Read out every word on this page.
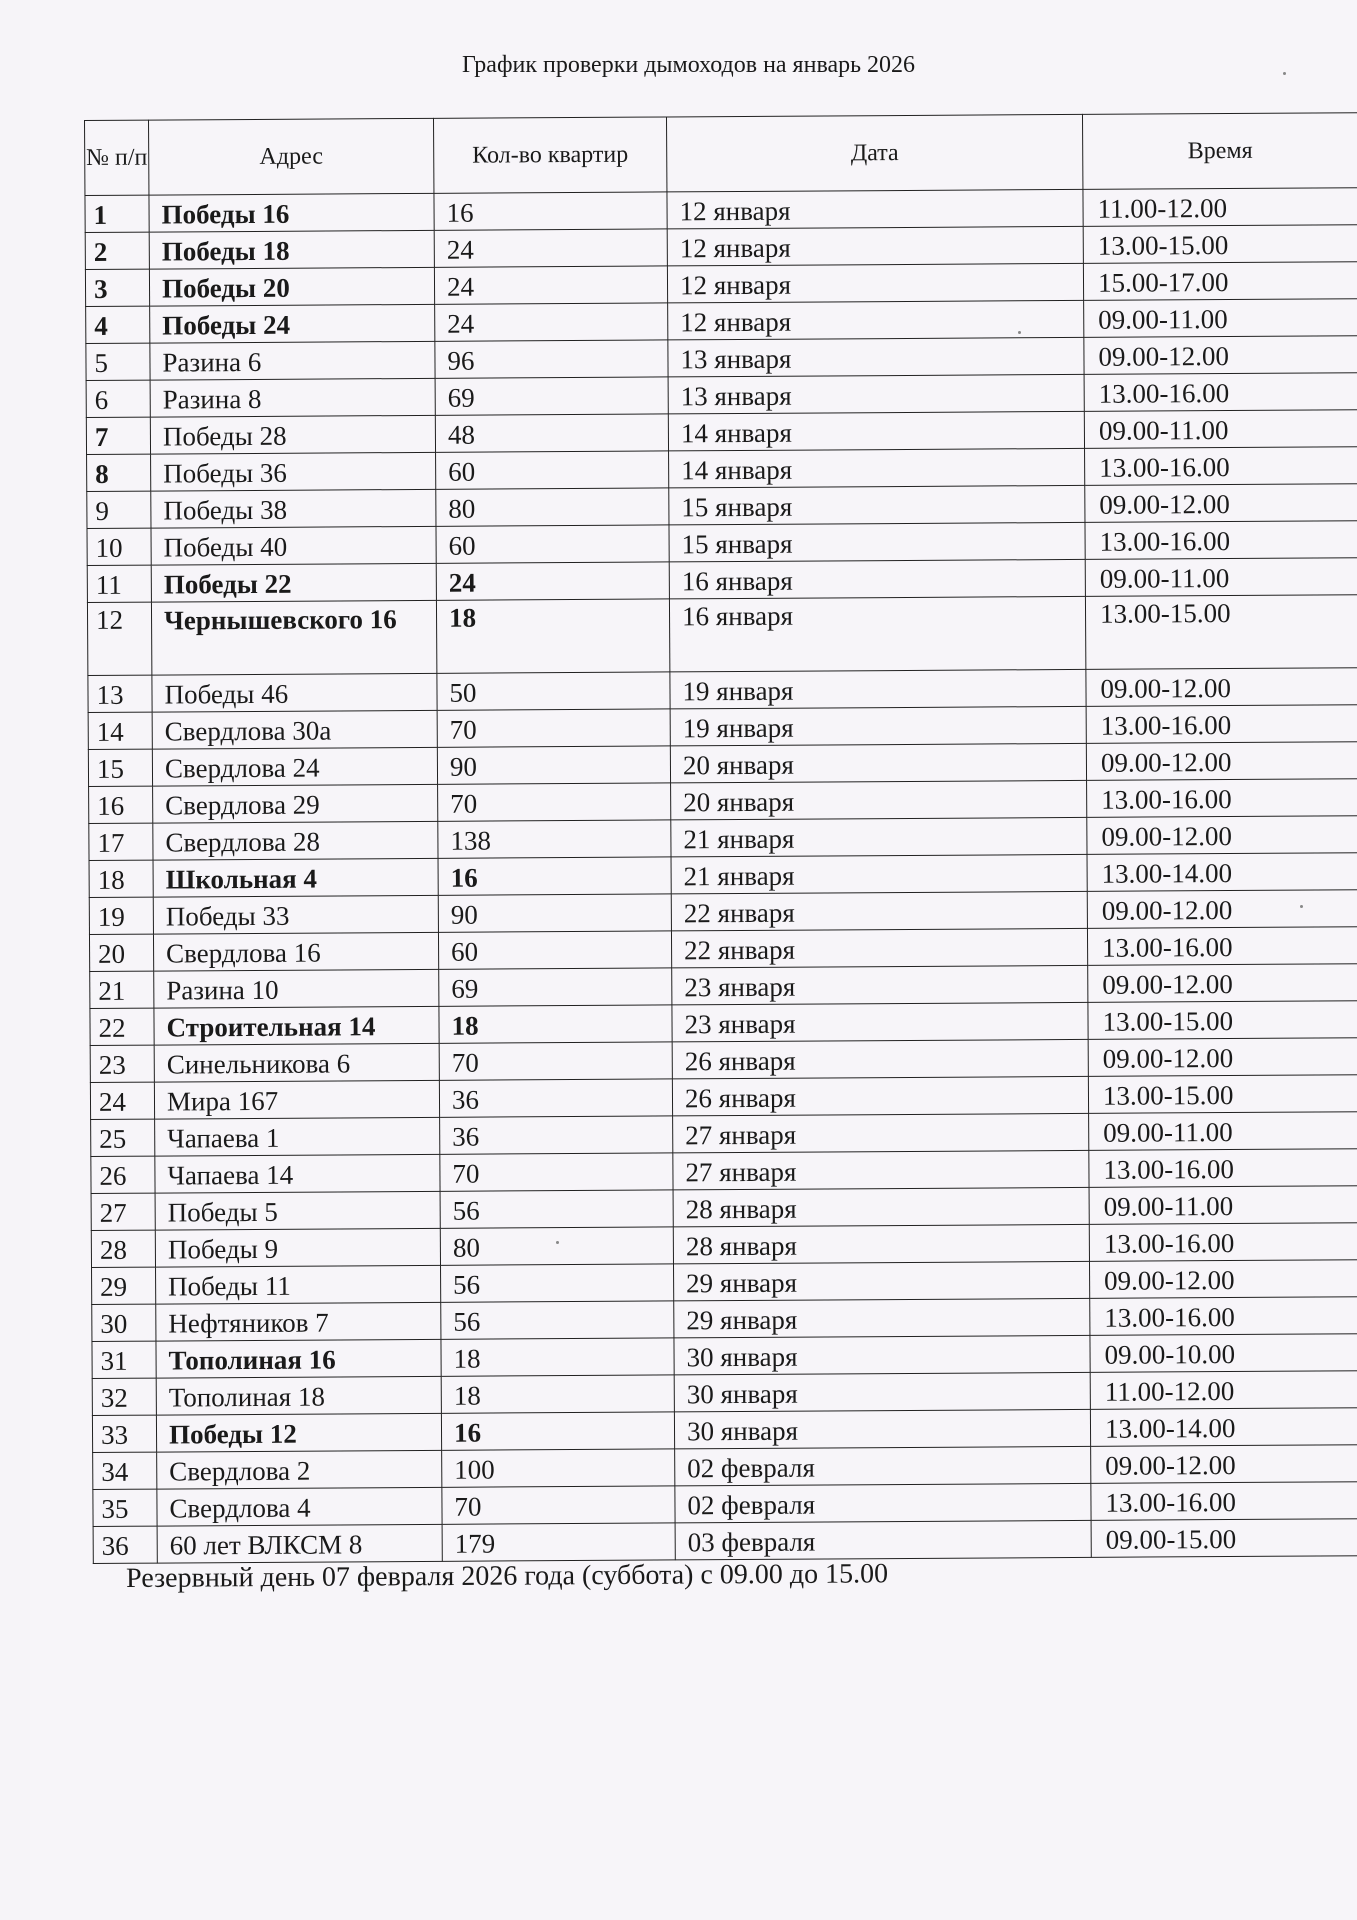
График проверки дымоходов на январь 2026
№ п/п	Адрес	Кол-во квартир	Дата	Время
1	Победы 16	16	12 января	11.00-12.00
2	Победы 18	24	12 января	13.00-15.00
3	Победы 20	24	12 января	15.00-17.00
4	Победы 24	24	12 января	09.00-11.00
5	Разина 6	96	13 января	09.00-12.00
6	Разина 8	69	13 января	13.00-16.00
7	Победы 28	48	14 января	09.00-11.00
8	Победы 36	60	14 января	13.00-16.00
9	Победы 38	80	15 января	09.00-12.00
10	Победы 40	60	15 января	13.00-16.00
11	Победы 22	24	16 января	09.00-11.00
12	Чернышевского 16	18	16 января	13.00-15.00
13	Победы 46	50	19 января	09.00-12.00
14	Свердлова 30а	70	19 января	13.00-16.00
15	Свердлова 24	90	20 января	09.00-12.00
16	Свердлова 29	70	20 января	13.00-16.00
17	Свердлова 28	138	21 января	09.00-12.00
18	Школьная 4	16	21 января	13.00-14.00
19	Победы 33	90	22 января	09.00-12.00
20	Свердлова 16	60	22 января	13.00-16.00
21	Разина 10	69	23 января	09.00-12.00
22	Строительная 14	18	23 января	13.00-15.00
23	Синельникова 6	70	26 января	09.00-12.00
24	Мира 167	36	26 января	13.00-15.00
25	Чапаева 1	36	27 января	09.00-11.00
26	Чапаева 14	70	27 января	13.00-16.00
27	Победы 5	56	28 января	09.00-11.00
28	Победы 9	80	28 января	13.00-16.00
29	Победы 11	56	29 января	09.00-12.00
30	Нефтяников 7	56	29 января	13.00-16.00
31	Тополиная 16	18	30 января	09.00-10.00
32	Тополиная 18	18	30 января	11.00-12.00
33	Победы 12	16	30 января	13.00-14.00
34	Свердлова 2	100	02 февраля	09.00-12.00
35	Свердлова 4	70	02 февраля	13.00-16.00
36	60 лет ВЛКСМ 8	179	03 февраля	09.00-15.00
Резервный день 07 февраля 2026 года (суббота) с 09.00 до 15.00
